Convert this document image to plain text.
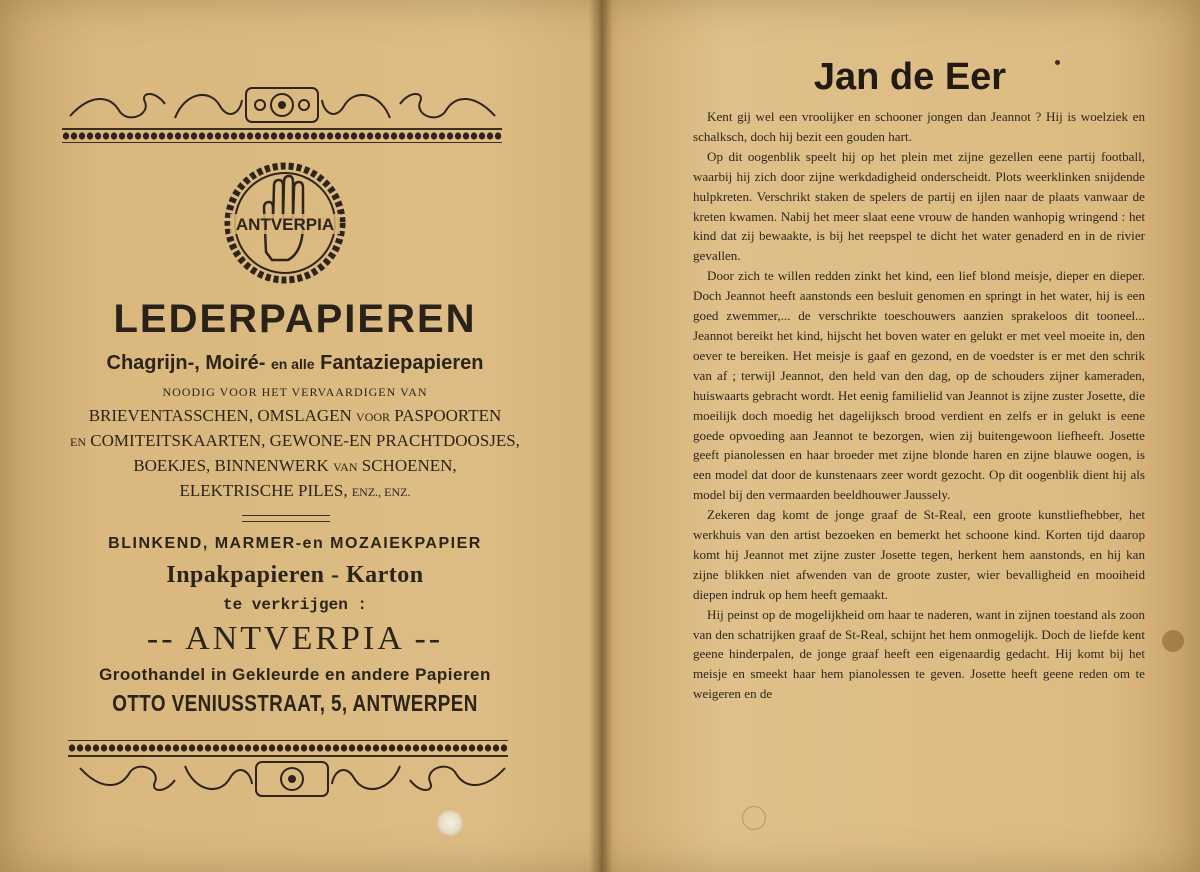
ANTVERPIA
LEDERPAPIEREN
Chagrijn-, Moiré- en alle Fantaziepapieren
NOODIG VOOR HET VERVAARDIGEN VAN
BRIEVENTASSCHEN, OMSLAGEN VOOR PASPOORTEN
EN COMITEITSKAARTEN, GEWONE-EN PRACHTDOOSJES,
BOEKJES, BINNENWERK VAN SCHOENEN,
ELEKTRISCHE PILES, ENZ., ENZ.
BLINKEND, MARMER-en MOZAIEKPAPIER
Inpakpapieren - Karton
te verkrijgen :
-- ANTVERPIA --
Groothandel in Gekleurde en andere Papieren
OTTO VENIUSSTRAAT, 5, ANTWERPEN
Jan de Eer

Kent gij wel een vroolijker en schooner jongen dan Jeannot ? Hij is woelziek en schalksch, doch hij bezit een gouden hart.

Op dit oogenblik speelt hij op het plein met zijne gezellen eene partij football, waarbij hij zich door zijne werkdadigheid onderscheidt. Plots weerklinken snijdende hulpkreten. Verschrikt staken de spelers de partij en ijlen naar de plaats vanwaar de kreten kwamen. Nabij het meer slaat eene vrouw de handen wanhopig wringend : het kind dat zij bewaakte, is bij het reepspel te dicht het water genaderd en in de rivier gevallen.

Door zich te willen redden zinkt het kind, een lief blond meisje, dieper en dieper. Doch Jeannot heeft aanstonds een besluit genomen en springt in het water, hij is een goed zwemmer,... de verschrikte toeschouwers aanzien sprakeloos dit tooneel... Jeannot bereikt het kind, hijscht het boven water en gelukt er met veel moeite in, den oever te bereiken. Het meisje is gaaf en gezond, en de voedster is er met den schrik van af ; terwijl Jeannot, den held van den dag, op de schouders zijner kameraden, huiswaarts gebracht wordt. Het eenig familielid van Jeannot is zijne zuster Josette, die moeilijk doch moedig het dagelijksch brood verdient en zelfs er in gelukt is eene goede opvoeding aan Jeannot te bezorgen, wien zij buitengewoon liefheeft. Josette geeft pianolessen en haar broeder met zijne blonde haren en zijne blauwe oogen, is een model dat door de kunstenaars zeer wordt gezocht. Op dit oogenblik dient hij als model bij den vermaarden beeldhouwer Jaussely.

Zekeren dag komt de jonge graaf de St-Real, een groote kunstliefhebber, het werkhuis van den artist bezoeken en bemerkt het schoone kind. Korten tijd daarop komt hij Jeannot met zijne zuster Josette tegen, herkent hem aanstonds, en hij kan zijne blikken niet afwenden van de groote zuster, wier bevalligheid en mooiheid diepen indruk op hem heeft gemaakt.

Hij peinst op de mogelijkheid om haar te naderen, want in zijnen toestand als zoon van den schatrijken graaf de St-Real, schijnt het hem onmogelijk. Doch de liefde kent geene hinderpalen, de jonge graaf heeft een eigenaardig gedacht. Hij komt bij het meisje en smeekt haar hem pianolessen te geven. Josette heeft geene reden om te weigeren en de
